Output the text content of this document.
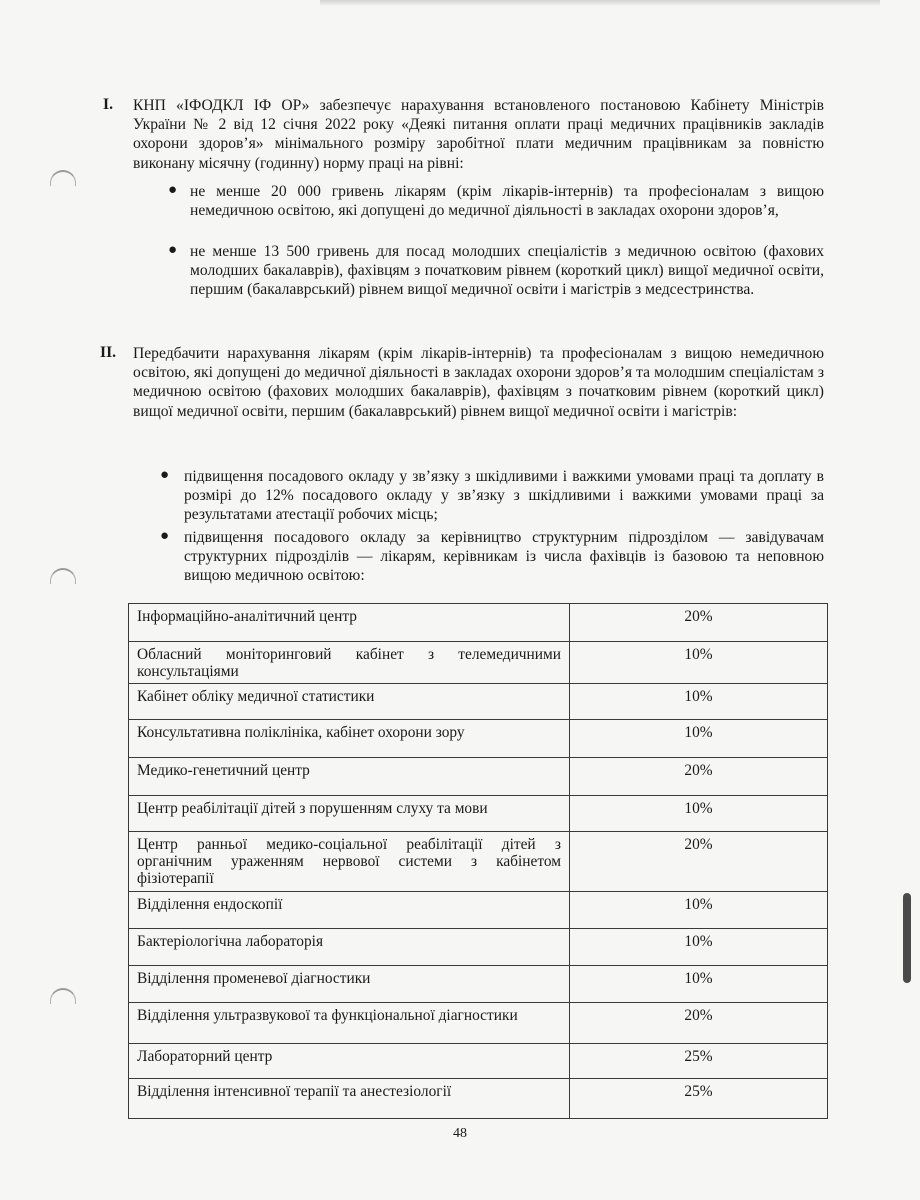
I. КНП «ІФОДКЛ ІФ ОР» забезпечує нарахування встановленого постановою Кабінету Міністрів України № 2 від 12 січня 2022 року «Деякі питання оплати праці медичних працівників закладів охорони здоров’я» мінімального розміру заробітної плати медичним працівникам за повністю виконану місячну (годинну) норму праці на рівні:
● не менше 20 000 гривень лікарям (крім лікарів-інтернів) та професіоналам з вищою немедичною освітою, які допущені до медичної діяльності в закладах охорони здоров’я,
● не менше 13 500 гривень для посад молодших спеціалістів з медичною освітою (фахових молодших бакалаврів), фахівцям з початковим рівнем (короткий цикл) вищої медичної освіти, першим (бакалаврський) рівнем вищої медичної освіти і магістрів з медсестринства.
II. Передбачити нарахування лікарям (крім лікарів-інтернів) та професіоналам з вищою немедичною освітою, які допущені до медичної діяльності в закладах охорони здоров’я та молодшим спеціалістам з медичною освітою (фахових молодших бакалаврів), фахівцям з початковим рівнем (короткий цикл) вищої медичної освіти, першим (бакалаврський) рівнем вищої медичної освіти і магістрів:
● підвищення посадового окладу у зв’язку з шкідливими і важкими умовами праці та доплату в розмірі до 12% посадового окладу у зв’язку з шкідливими і важкими умовами праці за результатами атестації робочих місць;
● підвищення посадового окладу за керівництво структурним підрозділом — завідувачам структурних підрозділів — лікарям, керівникам із числа фахівців із базовою та неповною вищою медичною освітою:
Інформаційно-аналітичний центр	20%
Обласний моніторинговий кабінет з телемедичними консультаціями	10%
Кабінет обліку медичної статистики	10%
Консультативна поліклініка, кабінет охорони зору	10%
Медико-генетичний центр	20%
Центр реабілітації дітей з порушенням слуху та мови	10%
Центр ранньої медико-соціальної реабілітації дітей з органічним ураженням нервової системи з кабінетом фізіотерапії	20%
Відділення ендоскопії	10%
Бактеріологічна лабораторія	10%
Відділення променевої діагностики	10%
Відділення ультразвукової та функціональної діагностики	20%
Лабораторний центр	25%
Відділення інтенсивної терапії та анестезіології	25%
48
